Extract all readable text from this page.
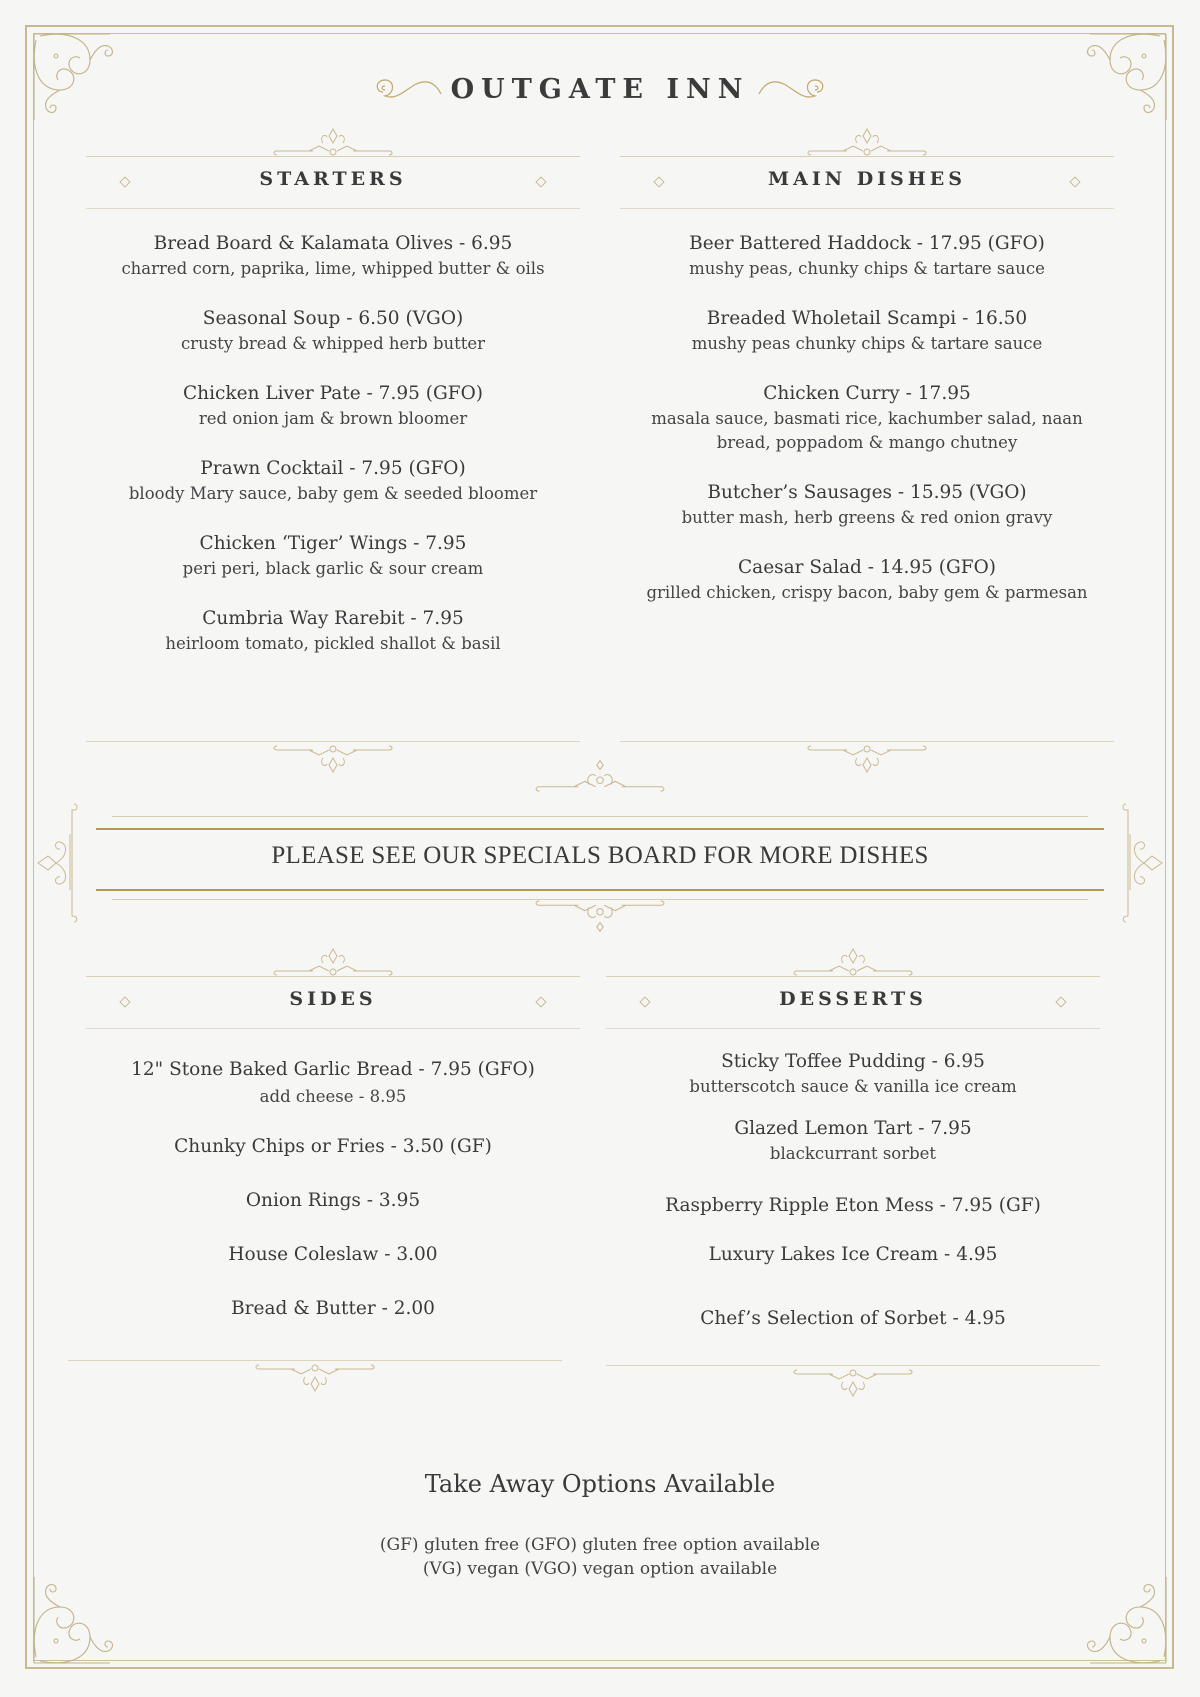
OUTGATE INN
STARTERS
Bread Board & Kalamata Olives - 6.95
charred corn, paprika, lime, whipped butter & oils
Seasonal Soup - 6.50 (VGO)
crusty bread & whipped herb butter
Chicken Liver Pate - 7.95 (GFO)
red onion jam & brown bloomer
Prawn Cocktail - 7.95 (GFO)
bloody Mary sauce, baby gem & seeded bloomer
Chicken ‘Tiger’ Wings - 7.95
peri peri, black garlic & sour cream
Cumbria Way Rarebit - 7.95
heirloom tomato, pickled shallot & basil
MAIN DISHES
Beer Battered Haddock - 17.95 (GFO)
mushy peas, chunky chips & tartare sauce
Breaded Wholetail Scampi - 16.50
mushy peas chunky chips & tartare sauce
Chicken Curry - 17.95
masala sauce, basmati rice, kachumber salad, naan bread, poppadom & mango chutney
Butcher’s Sausages - 15.95 (VGO)
butter mash, herb greens & red onion gravy
Caesar Salad - 14.95 (GFO)
grilled chicken, crispy bacon, baby gem & parmesan
PLEASE SEE OUR SPECIALS BOARD FOR MORE DISHES
SIDES
12" Stone Baked Garlic Bread - 7.95 (GFO)
add cheese - 8.95
Chunky Chips or Fries - 3.50 (GF)
Onion Rings - 3.95
House Coleslaw - 3.00
Bread & Butter - 2.00
DESSERTS
Sticky Toffee Pudding - 6.95
butterscotch sauce & vanilla ice cream
Glazed Lemon Tart - 7.95
blackcurrant sorbet
Raspberry Ripple Eton Mess - 7.95 (GF)
Luxury Lakes Ice Cream - 4.95
Chef’s Selection of Sorbet - 4.95
Take Away Options Available
(GF) gluten free (GFO) gluten free option available
(VG) vegan (VGO) vegan option available
